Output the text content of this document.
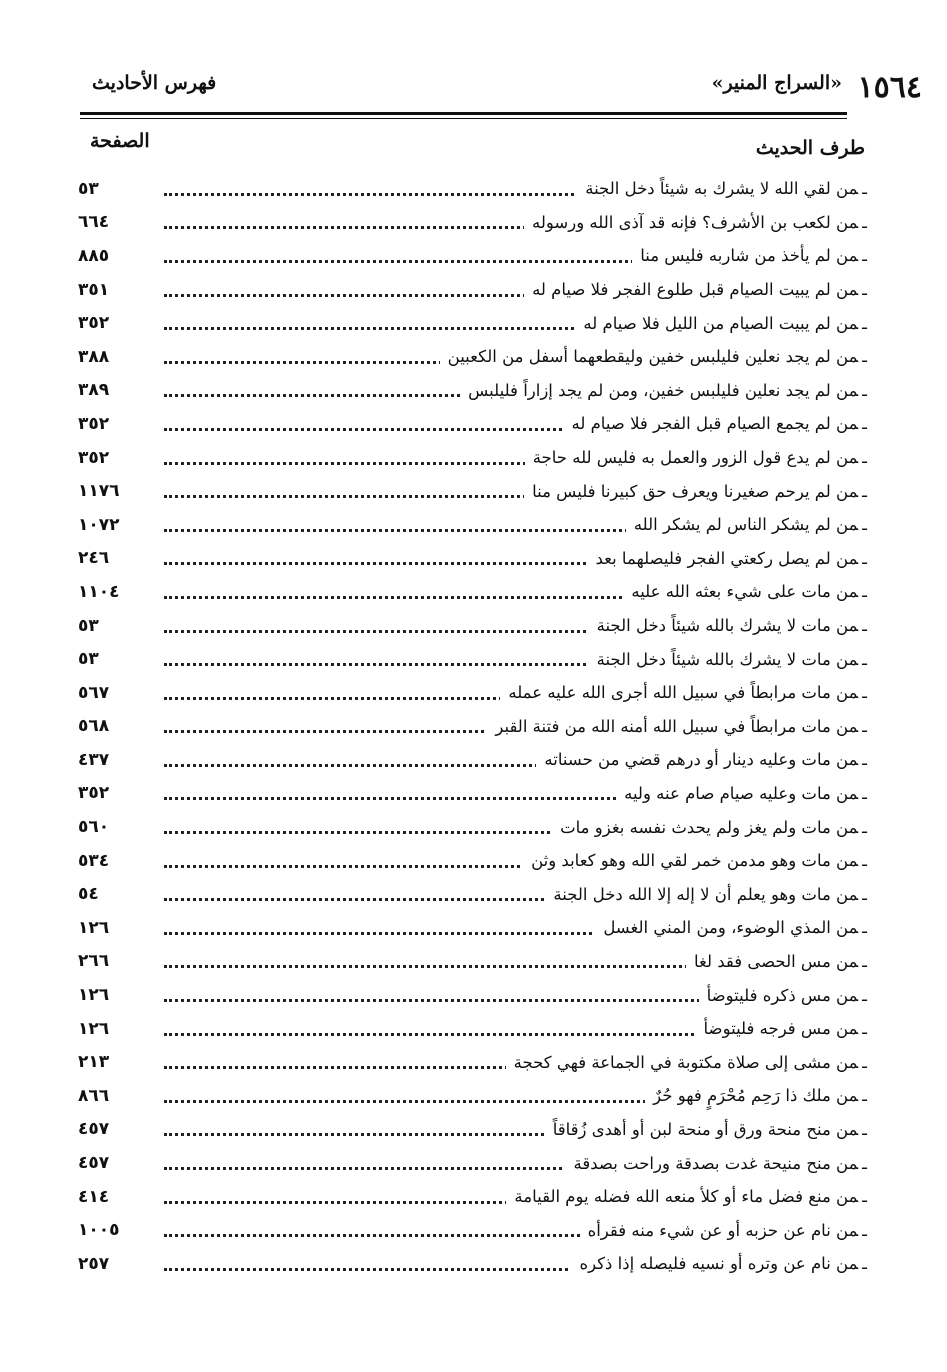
١٥٦٤
«السراج المنير»
فهرس الأحاديث
طرف الحديث
الصفحة
ـمن لقي الله لا يشرك به شيئاً دخل الجنة
٥٣
ـمن لكعب بن الأشرف؟ فإنه قد آذى الله ورسوله
٦٦٤
ـمن لم يأخذ من شاربه فليس منا
٨٨٥
ـمن لم يبيت الصيام قبل طلوع الفجر فلا صيام له
٣٥١
ـمن لم يبيت الصيام من الليل فلا صيام له
٣٥٢
ـمن لم يجد نعلين فليلبس خفين وليقطعهما أسفل من الكعبين
٣٨٨
ـمن لم يجد نعلين فليلبس خفين، ومن لم يجد إزاراً فليلبس
٣٨٩
ـمن لم يجمع الصيام قبل الفجر فلا صيام له
٣٥٢
ـمن لم يدع قول الزور والعمل به فليس لله حاجة
٣٥٢
ـمن لم يرحم صغيرنا ويعرف حق كبيرنا فليس منا
١١٧٦
ـمن لم يشكر الناس لم يشكر الله
١٠٧٢
ـمن لم يصل ركعتي الفجر فليصلهما بعد
٢٤٦
ـمن مات على شيء بعثه الله عليه
١١٠٤
ـمن مات لا يشرك بالله شيئاً دخل الجنة
٥٣
ـمن مات لا يشرك بالله شيئاً دخل الجنة
٥٣
ـمن مات مرابطاً في سبيل الله أجرى الله عليه عمله
٥٦٧
ـمن مات مرابطاً في سبيل الله أمنه الله من فتنة القبر
٥٦٨
ـمن مات وعليه دينار أو درهم قضي من حسناته
٤٣٧
ـمن مات وعليه صيام صام عنه وليه
٣٥٢
ـمن مات ولم يغز ولم يحدث نفسه بغزو مات
٥٦٠
ـمن مات وهو مدمن خمر لقي الله وهو كعابد وثن
٥٣٤
ـمن مات وهو يعلم أن لا إله إلا الله دخل الجنة
٥٤
ـمن المذي الوضوء، ومن المني الغسل
١٢٦
ـمن مس الحصى فقد لغا
٢٦٦
ـمن مس ذكره فليتوضأ
١٢٦
ـمن مس فرجه فليتوضأ
١٢٦
ـمن مشى إلى صلاة مكتوبة في الجماعة فهي كحجة
٢١٣
ـمن ملك ذا رَحِم مُحْرَمٍ فهو حُرٌ
٨٦٦
ـمن منح منحة ورق أو منحة لبن أو أهدى زُقاقاً
٤٥٧
ـمن منح منيحة غدت بصدقة وراحت بصدقة
٤٥٧
ـمن منع فضل ماء أو كلأ منعه الله فضله يوم القيامة
٤١٤
ـمن نام عن حزبه أو عن شيء منه فقرأه
١٠٠٥
ـمن نام عن وتره أو نسيه فليصله إذا ذكره
٢٥٧
